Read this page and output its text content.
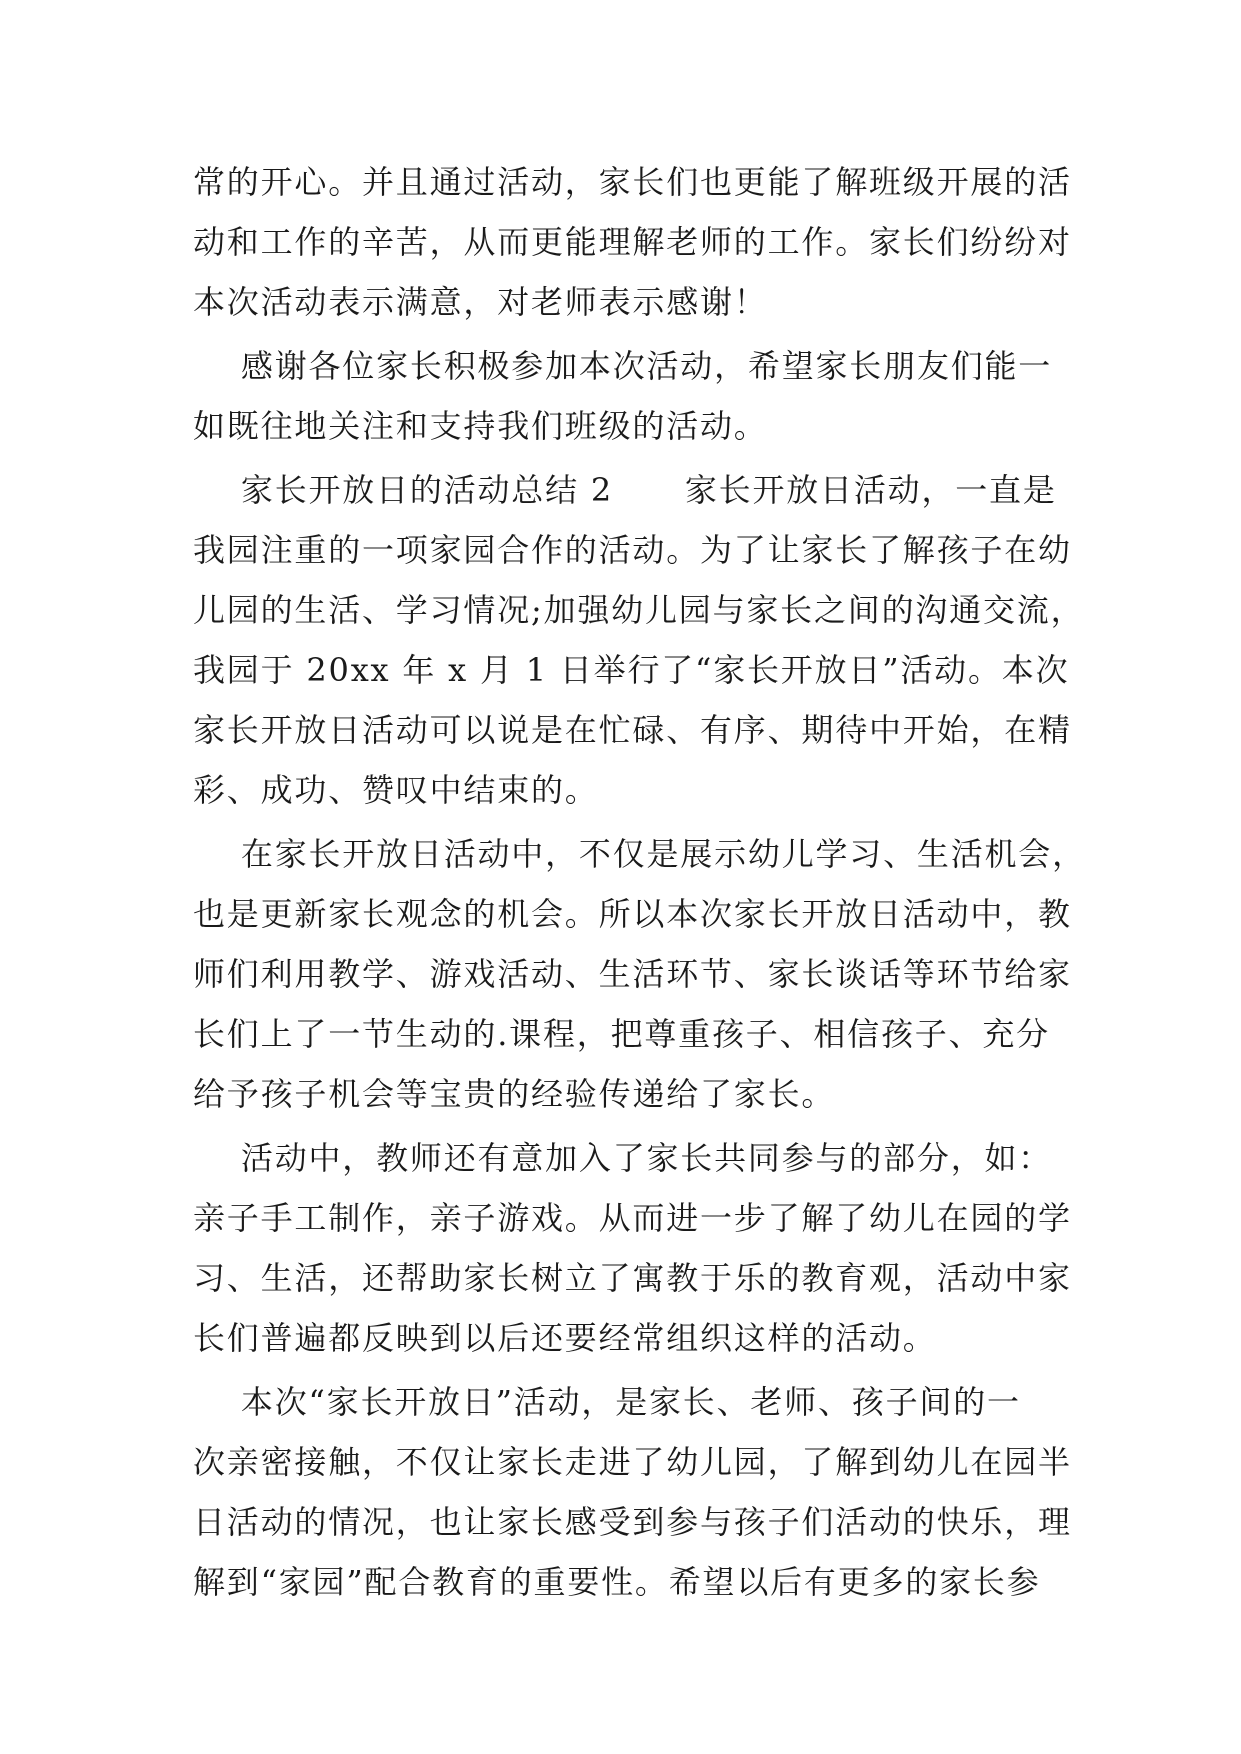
常的开心。并且通过活动，家长们也更能了解班级开展的活
动和工作的辛苦，从而更能理解老师的工作。家长们纷纷对
本次活动表示满意，对老师表示感谢！
感谢各位家长积极参加本次活动，希望家长朋友们能一
如既往地关注和支持我们班级的活动。
家长开放日的活动总结 2      家长开放日活动，一直是
我园注重的一项家园合作的活动。为了让家长了解孩子在幼
儿园的生活、学习情况;加强幼儿园与家长之间的沟通交流，
我园于 20xx 年 x 月 1 日举行了“家长开放日”活动。本次
家长开放日活动可以说是在忙碌、有序、期待中开始，在精
彩、成功、赞叹中结束的。
在家长开放日活动中，不仅是展示幼儿学习、生活机会，
也是更新家长观念的机会。所以本次家长开放日活动中，教
师们利用教学、游戏活动、生活环节、家长谈话等环节给家
长们上了一节生动的.课程，把尊重孩子、相信孩子、充分
给予孩子机会等宝贵的经验传递给了家长。
活动中，教师还有意加入了家长共同参与的部分，如：
亲子手工制作，亲子游戏。从而进一步了解了幼儿在园的学
习、生活，还帮助家长树立了寓教于乐的教育观，活动中家
长们普遍都反映到以后还要经常组织这样的活动。
本次“家长开放日”活动，是家长、老师、孩子间的一
次亲密接触，不仅让家长走进了幼儿园，了解到幼儿在园半
日活动的情况，也让家长感受到参与孩子们活动的快乐，理
解到“家园”配合教育的重要性。希望以后有更多的家长参
